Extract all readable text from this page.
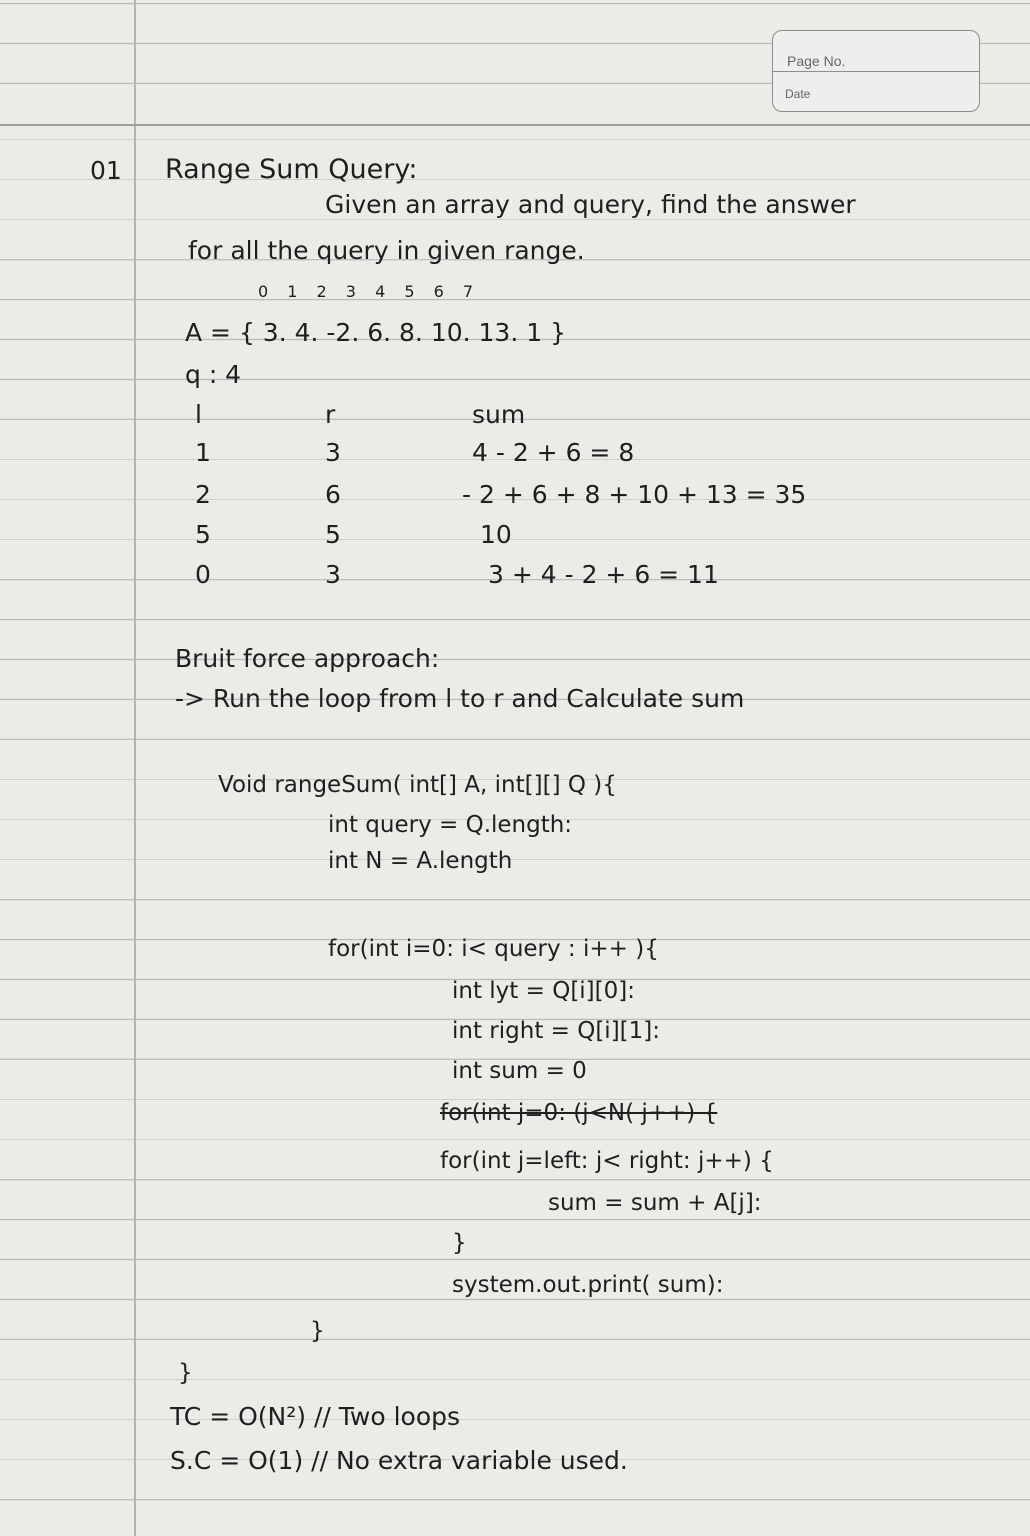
Page No.
Date
01 Range Sum Query:
Given an array and query, find the answer
for all the query in given range.
0 1 2 3 4 5 6 7
A = { 3. 4. -2. 6. 8. 10. 13. 1 }
q : 4
l	r	sum
1	3	4 - 2 + 6 = 8
2	6	- 2 + 6 + 8 + 10 + 13 = 35
5	5	10
0	3	3 + 4 - 2 + 6 = 11
Bruit force approach:
-> Run the loop from l to r and Calculate sum
Void rangeSum( int[] A, int[][] Q ){
int query = Q.length:
int N = A.length
for(int i=0: i< query : i++ ){
int lyt = Q[i][0]:
int right = Q[i][1]:
int sum = 0
for(int j=0: (j<N( j++) {
for(int j=left: j< right: j++) {
sum = sum + A[j]:
}
system.out.print( sum):
}
}
TC = O(N²) // Two loops
S.C = O(1) // No extra variable used.
